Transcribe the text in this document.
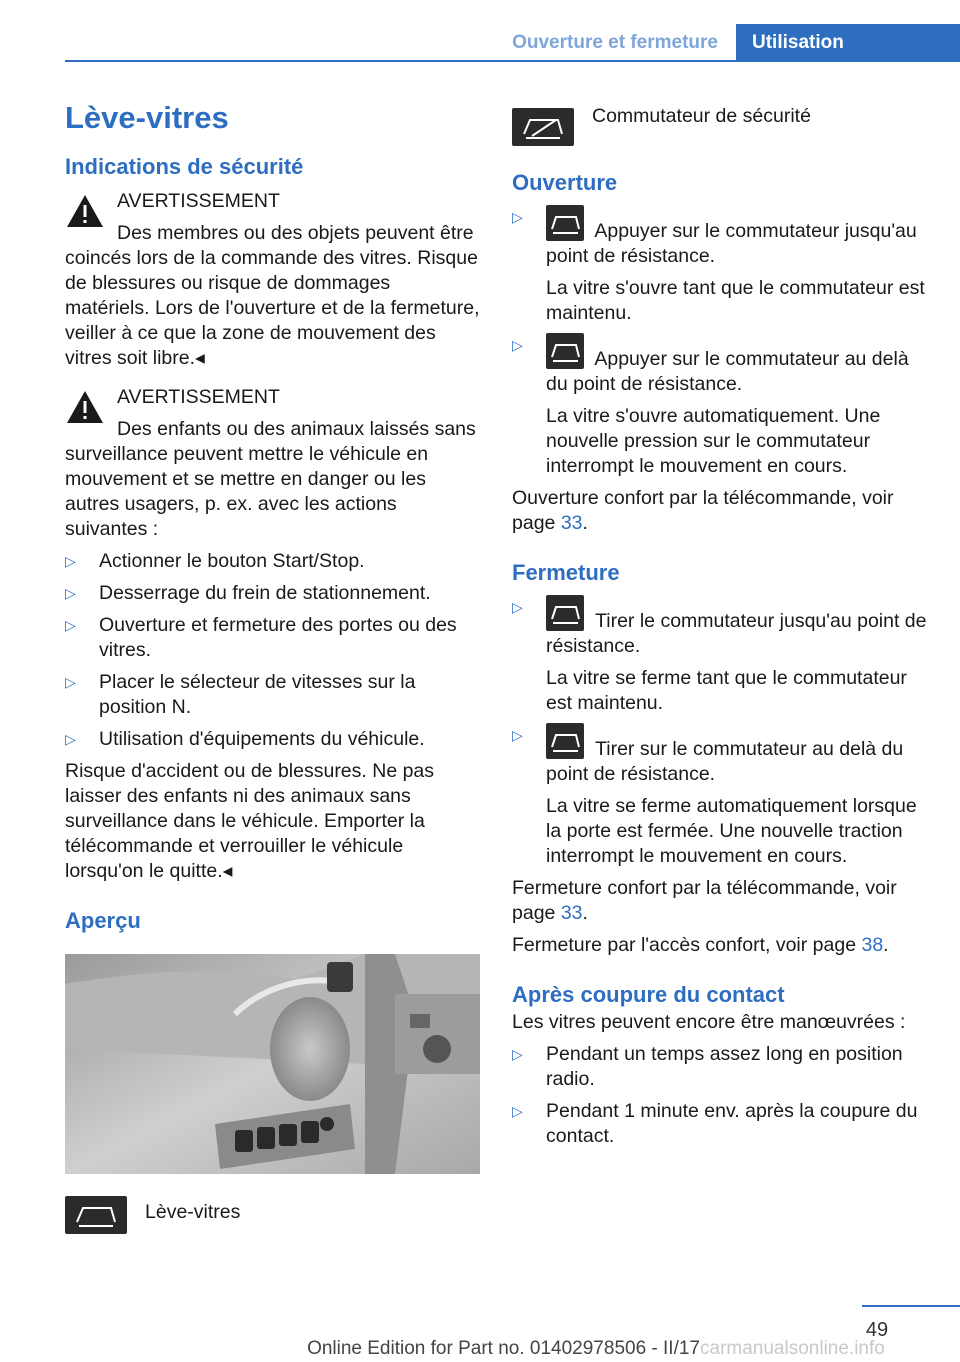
Ouverture et fermeture	Utilisation
Lève-vitres
Indications de sécurité
AVERTISSEMENT

Des membres ou des objets peuvent être coincés lors de la commande des vitres. Risque de blessures ou risque de dommages matériels. Lors de l'ouverture et de la fermeture, veiller à ce que la zone de mouvement des vitres soit libre.◂

AVERTISSEMENT

Des enfants ou des animaux laissés sans surveillance peuvent mettre le véhicule en mouvement et se mettre en danger ou les autres usagers, p. ex. avec les actions suivantes :

▷ Actionner le bouton Start/Stop.
▷ Desserrage du frein de stationnement.
▷ Ouverture et fermeture des portes ou des vitres.
▷ Placer le sélecteur de vitesses sur la position N.
▷ Utilisation d'équipements du véhicule.

Risque d'accident ou de blessures. Ne pas laisser des enfants ni des animaux sans surveillance dans le véhicule. Emporter la télécommande et verrouiller le véhicule lorsqu'on le quitte.◂

Aperçu
Lève-vitres
Commutateur de sécurité
Ouverture
▷
Appuyer sur le commutateur jusqu'au point de résistance.
La vitre s'ouvre tant que le commutateur est maintenu.
▷
Appuyer sur le commutateur au delà du point de résistance.
La vitre s'ouvre automatiquement. Une nouvelle pression sur le commutateur interrompt le mouvement en cours.

Ouverture confort par la télécommande, voir page 33.

Fermeture
▷
Tirer le commutateur jusqu'au point de résistance.
La vitre se ferme tant que le commutateur est maintenu.
▷
Tirer sur le commutateur au delà du point de résistance.
La vitre se ferme automatiquement lorsque la porte est fermée. Une nouvelle traction interrompt le mouvement en cours.

Fermeture confort par la télécommande, voir page 33.

Fermeture par l'accès confort, voir page 38.

Après coupure du contact

Les vitres peuvent encore être manœuvrées :

▷ Pendant un temps assez long en position radio.
▷ Pendant 1 minute env. après la coupure du contact.
49
Online Edition for Part no. 01402978506 - II/17 carmanualsonline.info
